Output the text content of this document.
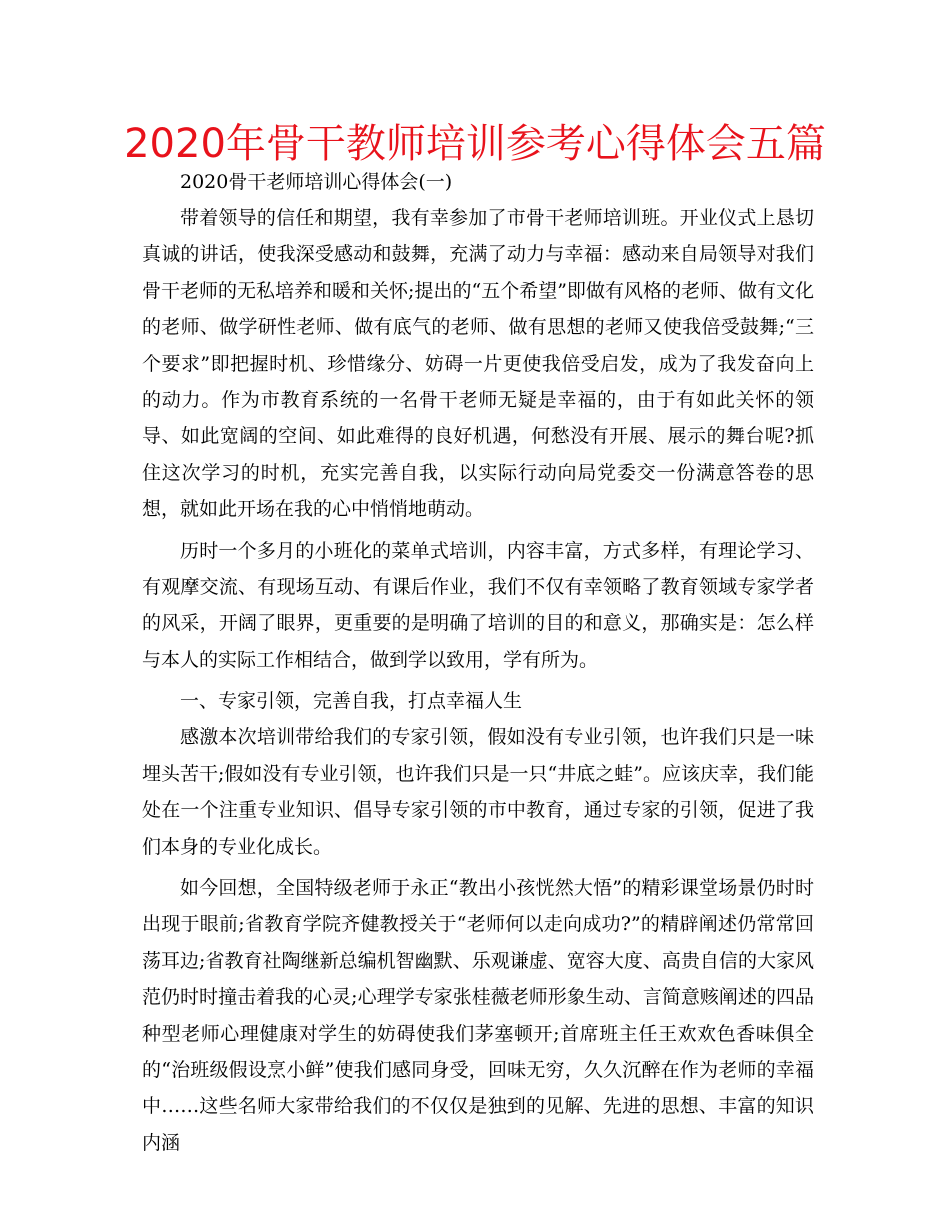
2020年骨干教师培训参考心得体会五篇

2020骨干老师培训心得体会(一)

带着领导的信任和期望，我有幸参加了市骨干老师培训班。开业仪式上恳切真诚的讲话，使我深受感动和鼓舞，充满了动力与幸福：感动来自局领导对我们骨干老师的无私培养和暖和关怀;提出的“五个希望”即做有风格的老师、做有文化的老师、做学研性老师、做有底气的老师、做有思想的老师又使我倍受鼓舞;“三个要求”即把握时机、珍惜缘分、妨碍一片更使我倍受启发，成为了我发奋向上的动力。作为市教育系统的一名骨干老师无疑是幸福的，由于有如此关怀的领导、如此宽阔的空间、如此难得的良好机遇，何愁没有开展、展示的舞台呢?抓住这次学习的时机，充实完善自我，以实际行动向局党委交一份满意答卷的思想，就如此开场在我的心中悄悄地萌动。

历时一个多月的小班化的菜单式培训，内容丰富，方式多样，有理论学习、有观摩交流、有现场互动、有课后作业，我们不仅有幸领略了教育领域专家学者的风采，开阔了眼界，更重要的是明确了培训的目的和意义，那确实是：怎么样与本人的实际工作相结合，做到学以致用，学有所为。

一、专家引领，完善自我，打点幸福人生

感激本次培训带给我们的专家引领，假如没有专业引领，也许我们只是一味埋头苦干;假如没有专业引领，也许我们只是一只“井底之蛙”。应该庆幸，我们能处在一个注重专业知识、倡导专家引领的市中教育，通过专家的引领，促进了我们本身的专业化成长。

如今回想，全国特级老师于永正“教出小孩恍然大悟”的精彩课堂场景仍时时出现于眼前;省教育学院齐健教授关于“老师何以走向成功?”的精辟阐述仍常常回荡耳边;省教育社陶继新总编机智幽默、乐观谦虚、宽容大度、高贵自信的大家风范仍时时撞击着我的心灵;心理学专家张桂薇老师形象生动、言简意赅阐述的四品种型老师心理健康对学生的妨碍使我们茅塞顿开;首席班主任王欢欢色香味俱全的“治班级假设烹小鲜”使我们感同身受，回味无穷，久久沉醉在作为老师的幸福中……这些名师大家带给我们的不仅仅是独到的见解、先进的思想、丰富的知识内涵
